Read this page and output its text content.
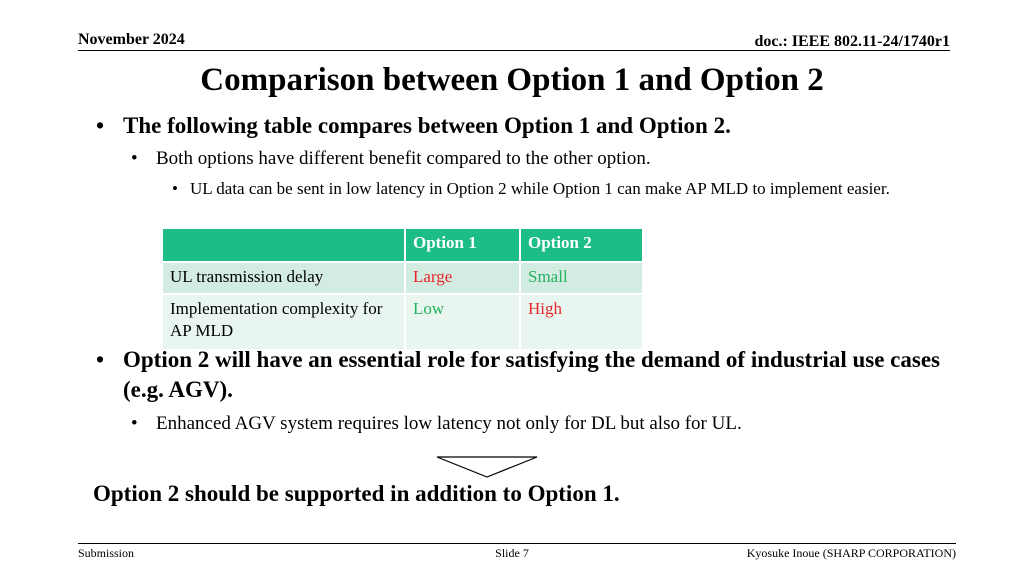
November 2024	doc.: IEEE 802.11-24/1740r1
Comparison between Option 1 and Option 2
• The following table compares between Option 1 and Option 2.
• Both options have different benefit compared to the other option.
• UL data can be sent in low latency in Option 2 while Option 1 can make AP MLD to implement easier.
	Option 1	Option 2
UL transmission delay	Large	Small
Implementation complexity for AP MLD	Low	High
• Option 2 will have an essential role for satisfying the demand of industrial use cases (e.g. AGV).
• Enhanced AGV system requires low latency not only for DL but also for UL.
Option 2 should be supported in addition to Option 1.
Submission	Slide 7	Kyosuke Inoue (SHARP CORPORATION)
